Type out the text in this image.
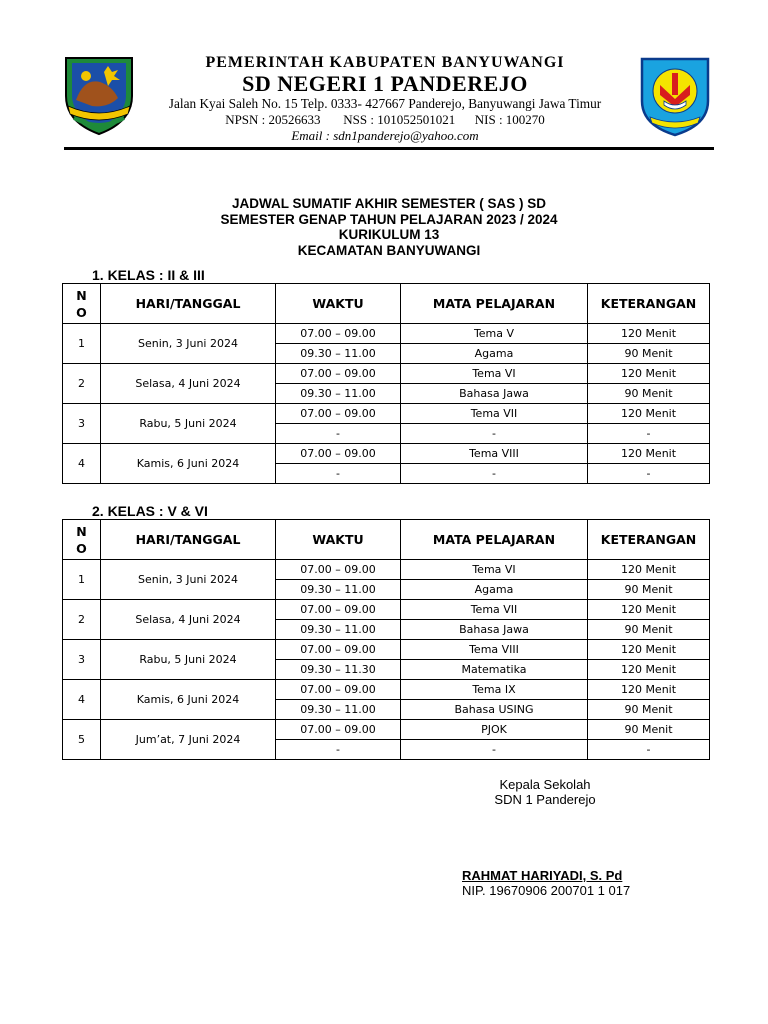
PEMERINTAH KABUPATEN BANYUWANGI
SD NEGERI 1 PANDEREJO
Jalan Kyai Saleh No. 15 Telp. 0333- 427667 Panderejo, Banyuwangi Jawa Timur
NPSN : 20526633       NSS : 101052501021      NIS : 100270
Email : sdn1panderejo@yahoo.com
JADWAL SUMATIF AKHIR SEMESTER ( SAS ) SD
SEMESTER GENAP TAHUN PELAJARAN 2023 / 2024
KURIKULUM 13
KECAMATAN BANYUWANGI
1. KELAS : II & III
N
O	HARI/TANGGAL	WAKTU	MATA PELAJARAN	KETERANGAN
1	Senin, 3 Juni 2024	07.00 – 09.00	Tema V	120 Menit
		09.30 – 11.00	Agama	90 Menit
2	Selasa, 4 Juni 2024	07.00 – 09.00	Tema VI	120 Menit
		09.30 – 11.00	Bahasa Jawa	90 Menit
3	Rabu, 5 Juni 2024	07.00 – 09.00	Tema VII	120 Menit
		-	-	-
4	Kamis, 6 Juni 2024	07.00 – 09.00	Tema VIII	120 Menit
		-	-	-
2. KELAS : V & VI
N
O	HARI/TANGGAL	WAKTU	MATA PELAJARAN	KETERANGAN
1	Senin, 3 Juni 2024	07.00 – 09.00	Tema VI	120 Menit
		09.30 – 11.00	Agama	90 Menit
2	Selasa, 4 Juni 2024	07.00 – 09.00	Tema VII	120 Menit
		09.30 – 11.00	Bahasa Jawa	90 Menit
3	Rabu, 5 Juni 2024	07.00 – 09.00	Tema VIII	120 Menit
		09.30 – 11.30	Matematika	120 Menit
4	Kamis, 6 Juni 2024	07.00 – 09.00	Tema IX	120 Menit
		09.30 – 11.00	Bahasa USING	90 Menit
5	Jum’at, 7 Juni 2024	07.00 – 09.00	PJOK	90 Menit
		-	-	-
Kepala Sekolah
SDN 1 Panderejo
RAHMAT HARIYADI, S. Pd
NIP. 19670906 200701 1 017
